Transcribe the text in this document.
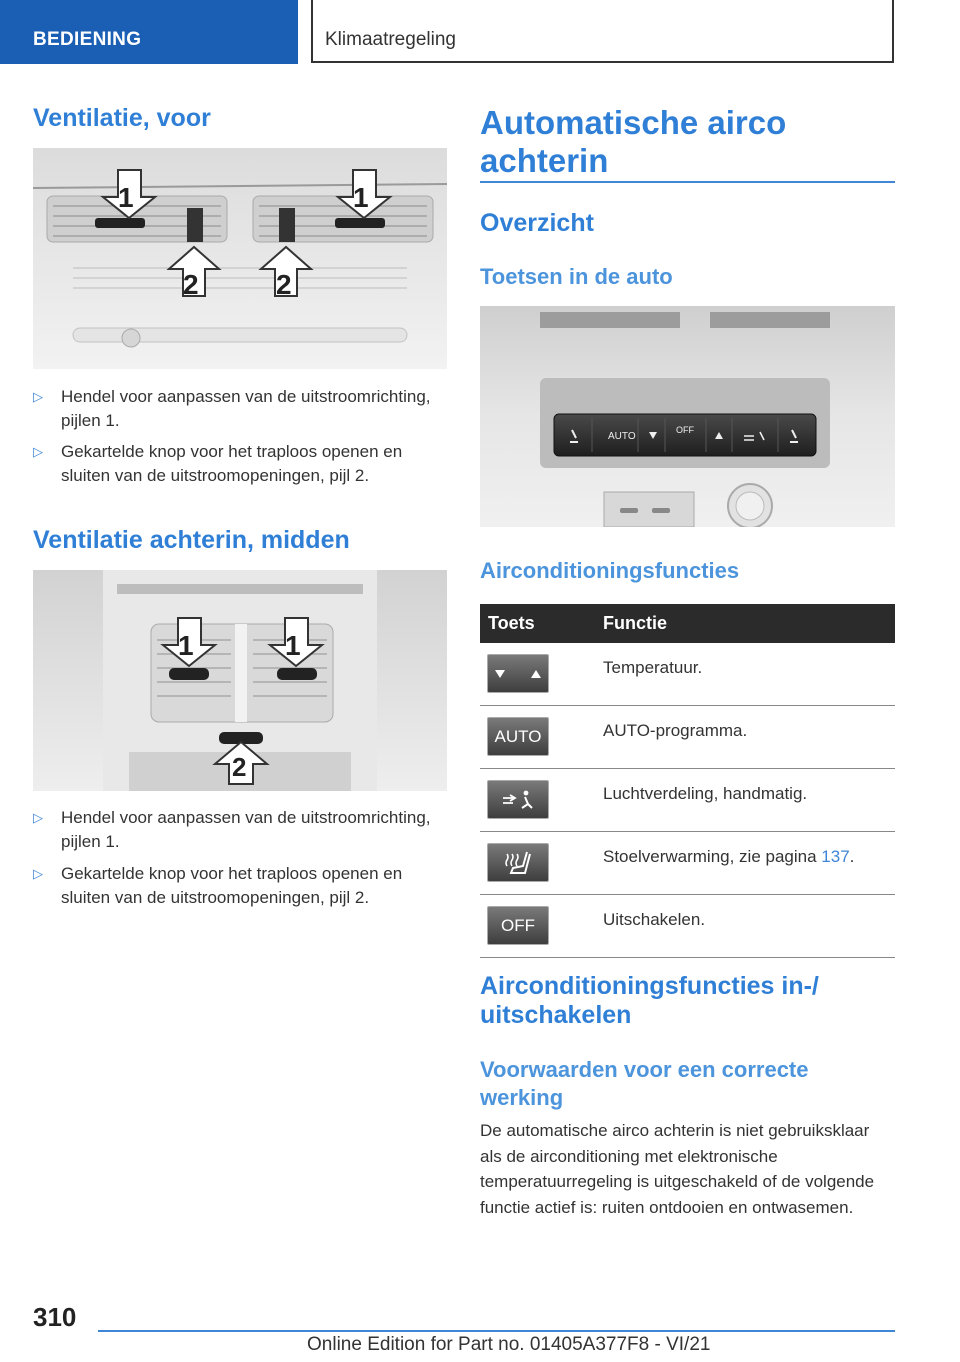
BEDIENING	Klimaatregeling
Ventilatie, voor
1	1
2	2
▷ Hendel voor aanpassen van de uitstroomrichting, pijlen 1.
▷ Gekartelde knop voor het traploos openen en sluiten van de uitstroomopeningen, pijl 2.
Ventilatie achterin, midden
1	1
2
▷ Hendel voor aanpassen van de uitstroomrichting, pijlen 1.
▷ Gekartelde knop voor het traploos openen en sluiten van de uitstroomopeningen, pijl 2.
Automatische airco
achterin
Overzicht
Toetsen in de auto
AUTO
OFF
Airconditioningsfuncties
Toets	Functie

	Temperatuur.

AUTO	AUTO-programma.

	Luchtverdeling, handmatig.

	Stoelverwarming, zie pagina 137.

OFF	Uitschakelen.
Airconditioningsfuncties in-/
uitschakelen
Voorwaarden voor een correcte
werking

De automatische airco achterin is niet gebruiksklaar als de airconditioning met elektronische temperatuurregeling is uitgeschakeld of de volgende functie actief is: ruiten ontdooien en ontwasemen.

310
Online Edition for Part no. 01405A377F8 - VI/21
